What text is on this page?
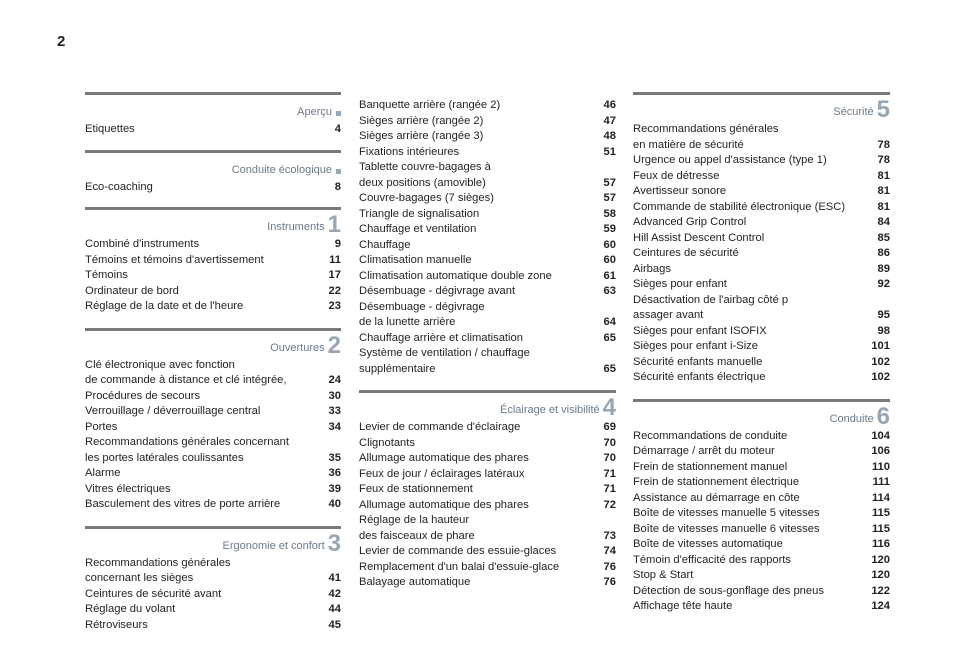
2
Aperçu
Etiquettes	4
Conduite écologique
Eco-coaching	8
Instruments 1
Combiné d'instruments	9
Témoins et témoins d'avertissement	11
Témoins	17
Ordinateur de bord	22
Réglage de la date et de l'heure	23
Ouvertures 2
Clé électronique avec fonction
de commande à distance et clé intégrée,	24
Procédures de secours	30
Verrouillage / déverrouillage central	33
Portes	34
Recommandations générales concernant
les portes latérales coulissantes	35
Alarme	36
Vitres électriques	39
Basculement des vitres de porte arrière	40
Ergonomie et confort 3
Recommandations générales
concernant les sièges	41
Ceintures de sécurité avant	42
Réglage du volant	44
Rétroviseurs	45
Banquette arrière (rangée 2)	46
Sièges arrière (rangée 2)	47
Sièges arrière (rangée 3)	48
Fixations intérieures	51
Tablette couvre-bagages à
deux positions (amovible)	57
Couvre-bagages (7 sièges)	57
Triangle de signalisation	58
Chauffage et ventilation	59
Chauffage	60
Climatisation manuelle	60
Climatisation automatique double zone	61
Désembuage - dégivrage avant	63
Désembuage - dégivrage
de la lunette arrière	64
Chauffage arrière et climatisation	65
Système de ventilation / chauffage
supplémentaire	65
Éclairage et visibilité 4
Levier de commande d'éclairage	69
Clignotants	70
Allumage automatique des phares	70
Feux de jour / éclairages latéraux	71
Feux de stationnement	71
Allumage automatique des phares	72
Réglage de la hauteur
des faisceaux de phare	73
Levier de commande des essuie-glaces	74
Remplacement d'un balai d'essuie-glace	76
Balayage automatique	76
Sécurité 5
Recommandations générales
en matière de sécurité	78
Urgence ou appel d'assistance (type 1)	78
Feux de détresse	81
Avertisseur sonore	81
Commande de stabilité électronique (ESC)	81
Advanced Grip Control	84
Hill Assist Descent Control	85
Ceintures de sécurité	86
Airbags	89
Sièges pour enfant	92
Désactivation de l'airbag côté p
assager avant	95
Sièges pour enfant ISOFIX	98
Sièges pour enfant i-Size	101
Sécurité enfants manuelle	102
Sécurité enfants électrique	102
Conduite 6
Recommandations de conduite	104
Démarrage / arrêt du moteur	106
Frein de stationnement manuel	110
Frein de stationnement électrique	111
Assistance au démarrage en côte	114
Boîte de vitesses manuelle 5 vitesses	115
Boîte de vitesses manuelle 6 vitesses	115
Boîte de vitesses automatique	116
Témoin d'efficacité des rapports	120
Stop & Start	120
Détection de sous-gonflage des pneus	122
Affichage tête haute	124
